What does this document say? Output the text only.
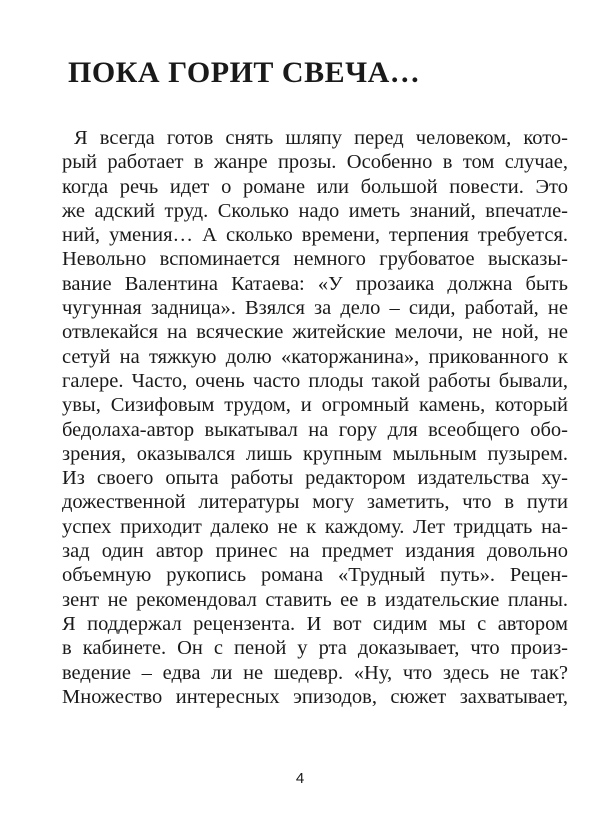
ПОКА ГОРИТ СВЕЧА…
Я всегда готов снять шляпу перед человеком, кото-
рый работает в жанре прозы. Особенно в том случае,
когда речь идет о романе или большой повести. Это
же адский труд. Сколько надо иметь знаний, впечатле-
ний, умения… А сколько времени, терпения требуется.
Невольно вспоминается немного грубоватое высказы-
вание Валентина Катаева: «У прозаика должна быть
чугунная задница». Взялся за дело – сиди, работай, не
отвлекайся на всяческие житейские мелочи, не ной, не
сетуй на тяжкую долю «каторжанина», прикованного к
галере. Часто, очень часто плоды такой работы бывали,
увы, Сизифовым трудом, и огромный камень, который
бедолаха-автор выкатывал на гору для всеобщего обо-
зрения, оказывался лишь крупным мыльным пузырем.
Из своего опыта работы редактором издательства ху-
дожественной литературы могу заметить, что в пути
успех приходит далеко не к каждому. Лет тридцать на-
зад один автор принес на предмет издания довольно
объемную рукопись романа «Трудный путь». Рецен-
зент не рекомендовал ставить ее в издательские планы.
Я поддержал рецензента. И вот сидим мы с автором
в кабинете. Он с пеной у рта доказывает, что произ-
ведение – едва ли не шедевр. «Ну, что здесь не так?
Множество интересных эпизодов, сюжет захватывает,
4
